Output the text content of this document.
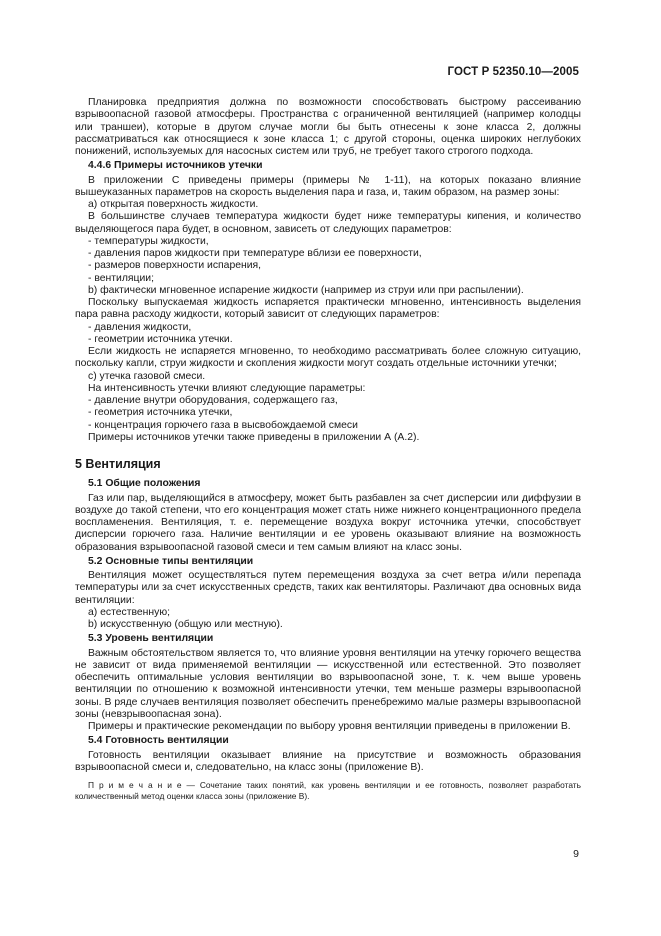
ГОСТ Р 52350.10—2005

Планировка предприятия должна по возможности способствовать быстрому рассеиванию взрывоопасной газовой атмосферы. Пространства с ограниченной вентиляцией (например колодцы или траншеи), которые в другом случае могли бы быть отнесены к зоне класса 2, должны рассматриваться как относящиеся к зоне класса 1; с другой стороны, оценка широких неглубоких понижений, используемых для насосных систем или труб, не требует такого строгого подхода.

4.4.6 Примеры источников утечки

В приложении С приведены примеры (примеры № 1-11), на которых показано влияние вышеуказанных параметров на скорость выделения пара и газа, и, таким образом, на размер зоны:

a) открытая поверхность жидкости.

В большинстве случаев температура жидкости будет ниже температуры кипения, и количество выделяющегося пара будет, в основном, зависеть от следующих параметров:

- температуры жидкости,

- давления паров жидкости при температуре вблизи ее поверхности,

- размеров поверхности испарения,

- вентиляции;

b) фактически мгновенное испарение жидкости (например из струи или при распылении).

Поскольку выпускаемая жидкость испаряется практически мгновенно, интенсивность выделения пара равна расходу жидкости, который зависит от следующих параметров:

- давления жидкости,

- геометрии источника утечки.

Если жидкость не испаряется мгновенно, то необходимо рассматривать более сложную ситуацию, поскольку капли, струи жидкости и скопления жидкости могут создать отдельные источники утечки;

c) утечка газовой смеси.

На интенсивность утечки влияют следующие параметры:

- давление внутри оборудования, содержащего газ,

- геометрия источника утечки,

- концентрация горючего газа в высвобождаемой смеси

Примеры источников утечки также приведены в приложении А (А.2).

5 Вентиляция

5.1 Общие положения

Газ или пар, выделяющийся в атмосферу, может быть разбавлен за счет дисперсии или диффузии в воздухе до такой степени, что его концентрация может стать ниже нижнего концентрационного предела воспламенения. Вентиляция, т. е. перемещение воздуха вокруг источника утечки, способствует дисперсии горючего газа. Наличие вентиляции и ее уровень оказывают влияние на возможность образования взрывоопасной газовой смеси и тем самым влияют на класс зоны.

5.2 Основные типы вентиляции

Вентиляция может осуществляться путем перемещения воздуха за счет ветра и/или перепада температуры или за счет искусственных средств, таких как вентиляторы. Различают два основных вида вентиляции:

a) естественную;

b) искусственную (общую или местную).

5.3 Уровень вентиляции

Важным обстоятельством является то, что влияние уровня вентиляции на утечку горючего вещества не зависит от вида применяемой вентиляции — искусственной или естественной. Это позволяет обеспечить оптимальные условия вентиляции во взрывоопасной зоне, т. к. чем выше уровень вентиляции по отношению к возможной интенсивности утечки, тем меньше размеры взрывоопасной зоны. В ряде случаев вентиляция позволяет обеспечить пренебрежимо малые размеры взрывоопасной зоны (невзрывоопасная зона).

Примеры и практические рекомендации по выбору уровня вентиляции приведены в приложении В.

5.4 Готовность вентиляции

Готовность вентиляции оказывает влияние на присутствие и возможность образования взрывоопасной смеси и, следовательно, на класс зоны (приложение В).

П р и м е ч а н и е — Сочетание таких понятий, как уровень вентиляции и ее готовность, позволяет разработать количественный метод оценки класса зоны (приложение В).

9
